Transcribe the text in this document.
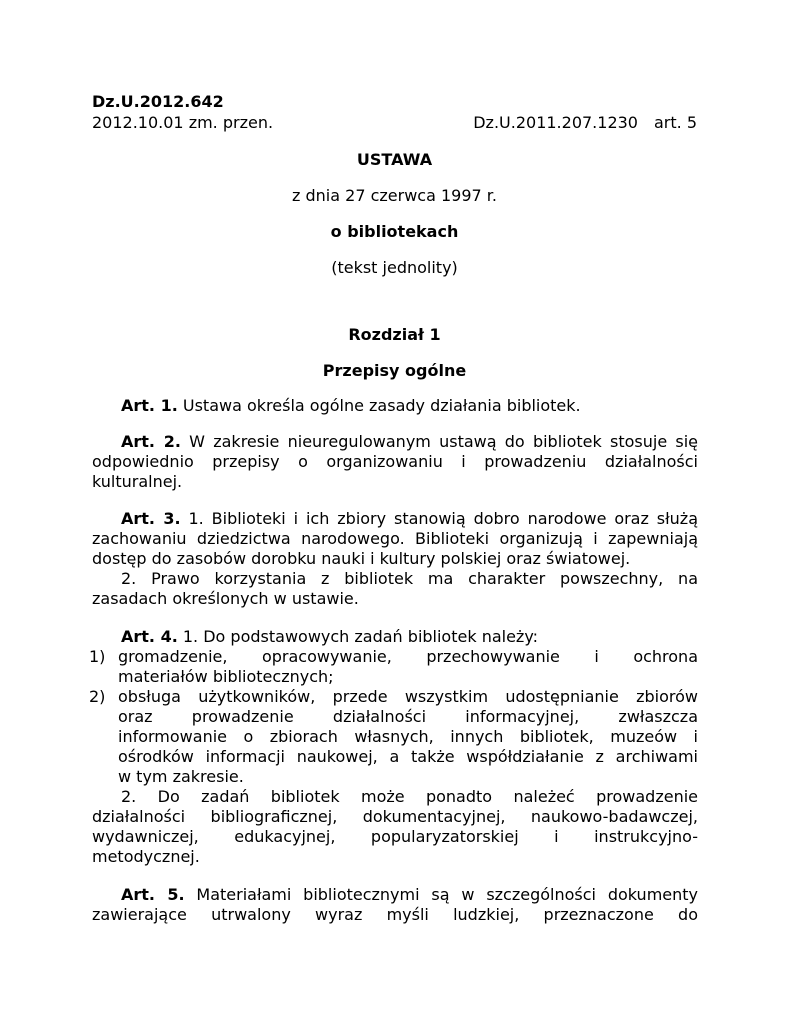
Dz.U.2012.642
2012.10.01 zm. przen.	Dz.U.2011.207.1230 art. 5
USTAWA
z dnia 27 czerwca 1997 r.
o bibliotekach
(tekst jednolity)
Rozdział 1
Przepisy ogólne
Art. 1. Ustawa określa ogólne zasady działania bibliotek.
Art. 2. W zakresie nieuregulowanym ustawą do bibliotek stosuje się
odpowiednio przepisy o organizowaniu i prowadzeniu działalności
kulturalnej.
Art. 3. 1. Biblioteki i ich zbiory stanowią dobro narodowe oraz służą
zachowaniu dziedzictwa narodowego. Biblioteki organizują i zapewniają
dostęp do zasobów dorobku nauki i kultury polskiej oraz światowej.
2. Prawo korzystania z bibliotek ma charakter powszechny, na
zasadach określonych w ustawie.
Art. 4. 1. Do podstawowych zadań bibliotek należy:
1) gromadzenie, opracowywanie, przechowywanie i ochrona
materiałów bibliotecznych;
2) obsługa użytkowników, przede wszystkim udostępnianie zbiorów
oraz prowadzenie działalności informacyjnej, zwłaszcza
informowanie o zbiorach własnych, innych bibliotek, muzeów i
ośrodków informacji naukowej, a także współdziałanie z archiwami
w tym zakresie.
2. Do zadań bibliotek może ponadto należeć prowadzenie
działalności bibliograficznej, dokumentacyjnej, naukowo-badawczej,
wydawniczej, edukacyjnej, popularyzatorskiej i instrukcyjno-
metodycznej.
Art. 5. Materiałami bibliotecznymi są w szczególności dokumenty
zawierające utrwalony wyraz myśli ludzkiej, przeznaczone do
